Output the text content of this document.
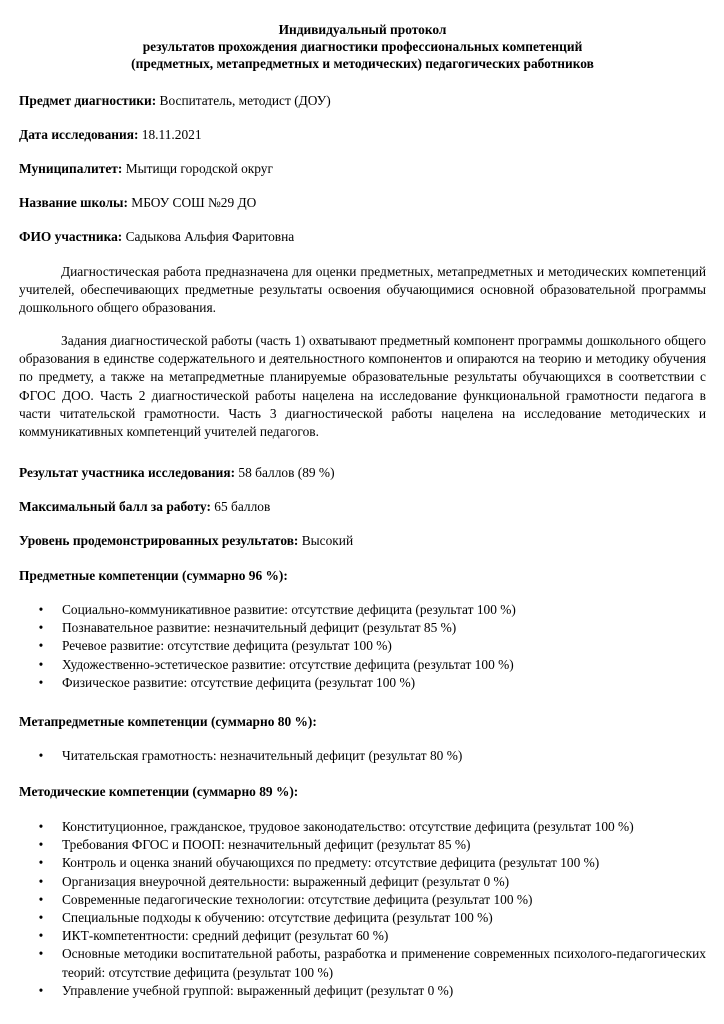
Индивидуальный протокол
результатов прохождения диагностики профессиональных компетенций
(предметных, метапредметных и методических) педагогических работников

Предмет диагностики: Воспитатель, методист (ДОУ)

Дата исследования: 18.11.2021

Муниципалитет: Мытищи городской округ

Название школы: МБОУ СОШ №29 ДО

ФИО участника: Садыкова Альфия Фаритовна

Диагностическая работа предназначена для оценки предметных, метапредметных и методических компетенций учителей, обеспечивающих предметные результаты освоения обучающимися основной образовательной программы дошкольного общего образования.

Задания диагностической работы (часть 1) охватывают предметный компонент программы дошкольного общего образования в единстве содержательного и деятельностного компонентов и опираются на теорию и методику обучения по предмету, а также на метапредметные планируемые образовательные результаты обучающихся в соответствии с ФГОС ДОО. Часть 2 диагностической работы нацелена на исследование функциональной грамотности педагога в части читательской грамотности. Часть 3 диагностической работы нацелена на исследование методических и коммуникативных компетенций учителей педагогов.

Результат участника исследования: 58 баллов (89 %)

Максимальный балл за работу: 65 баллов

Уровень продемонстрированных результатов: Высокий

Предметные компетенции (суммарно 96 %):

• Социально-коммуникативное развитие: отсутствие дефицита (результат 100 %)
• Познавательное развитие: незначительный дефицит (результат 85 %)
• Речевое развитие: отсутствие дефицита (результат 100 %)
• Художественно-эстетическое развитие: отсутствие дефицита (результат 100 %)
• Физическое развитие: отсутствие дефицита (результат 100 %)

Метапредметные компетенции (суммарно 80 %):

• Читательская грамотность: незначительный дефицит (результат 80 %)

Методические компетенции (суммарно 89 %):

• Конституционное, гражданское, трудовое законодательство: отсутствие дефицита (результат 100 %)
• Требования ФГОС и ПООП: незначительный дефицит (результат 85 %)
• Контроль и оценка знаний обучающихся по предмету: отсутствие дефицита (результат 100 %)
• Организация внеурочной деятельности: выраженный дефицит (результат 0 %)
• Современные педагогические технологии: отсутствие дефицита (результат 100 %)
• Специальные подходы к обучению: отсутствие дефицита (результат 100 %)
• ИКТ-компетентности: средний дефицит (результат 60 %)
• Основные методики воспитательной работы, разработка и применение современных психолого-педагогических теорий: отсутствие дефицита (результат 100 %)
• Управление учебной группой: выраженный дефицит (результат 0 %)
